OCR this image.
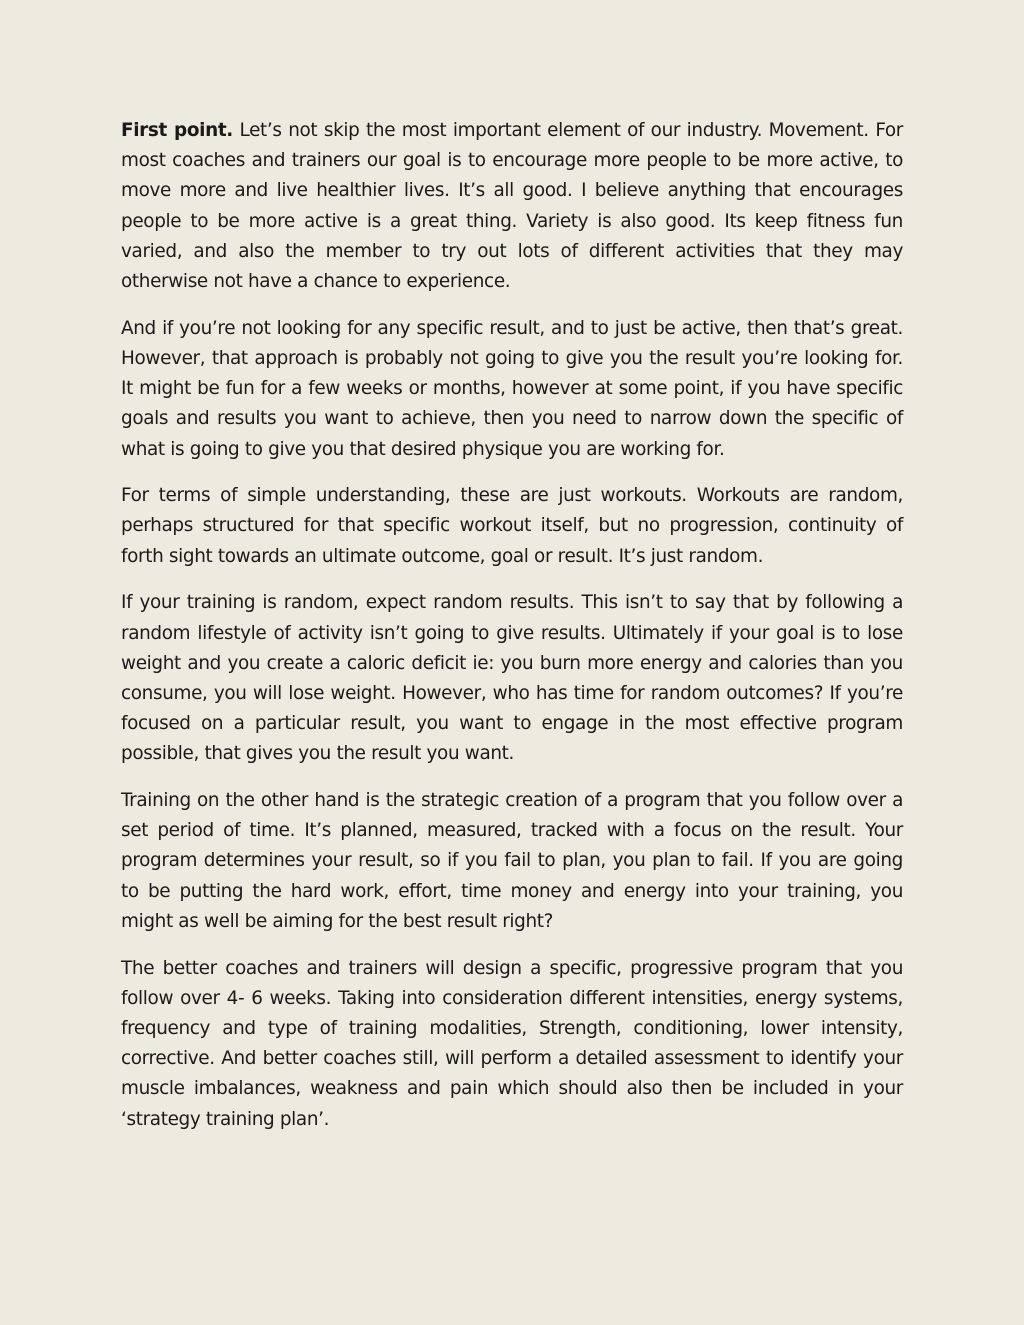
First point. Let’s not skip the most important element of our industry. Movement. For most coaches and trainers our goal is to encourage more people to be more active, to move more and live healthier lives. It’s all good. I believe anything that encourages people to be more active is a great thing. Variety is also good. Its keep fitness fun varied, and also the member to try out lots of different activities that they may otherwise not have a chance to experience.

And if you’re not looking for any specific result, and to just be active, then that’s great. However, that approach is probably not going to give you the result you’re looking for. It might be fun for a few weeks or months, however at some point, if you have specific goals and results you want to achieve, then you need to narrow down the specific of what is going to give you that desired physique you are working for.

For terms of simple understanding, these are just workouts. Workouts are random, perhaps structured for that specific workout itself, but no progression, continuity of forth sight towards an ultimate outcome, goal or result. It’s just random.

If your training is random, expect random results. This isn’t to say that by following a random lifestyle of activity isn’t going to give results. Ultimately if your goal is to lose weight and you create a caloric deficit ie: you burn more energy and calories than you consume, you will lose weight. However, who has time for random outcomes? If you’re focused on a particular result, you want to engage in the most effective program possible, that gives you the result you want.

Training on the other hand is the strategic creation of a program that you follow over a set period of time. It’s planned, measured, tracked with a focus on the result. Your program determines your result, so if you fail to plan, you plan to fail. If you are going to be putting the hard work, effort, time money and energy into your training, you might as well be aiming for the best result right?

The better coaches and trainers will design a specific, progressive program that you follow over 4- 6 weeks. Taking into consideration different intensities, energy systems, frequency and type of training modalities, Strength, conditioning, lower intensity, corrective. And better coaches still, will perform a detailed assessment to identify your muscle imbalances, weakness and pain which should also then be included in your ‘strategy training plan’.
